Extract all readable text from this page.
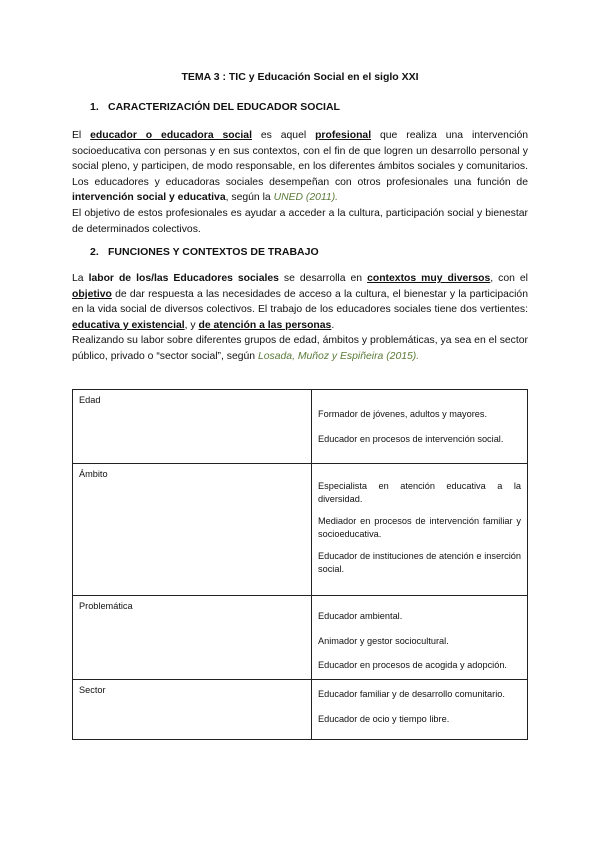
TEMA 3 : TIC y Educación Social en el siglo XXI
1. CARACTERIZACIÓN DEL EDUCADOR SOCIAL

El educador o educadora social es aquel profesional que realiza una intervención socioeducativa con personas y en sus contextos, con el fin de que logren un desarrollo personal y social pleno, y participen, de modo responsable, en los diferentes ámbitos sociales y comunitarios. Los educadores y educadoras sociales desempeñan con otros profesionales una función de intervención social y educativa, según la UNED (2011).
El objetivo de estos profesionales es ayudar a acceder a la cultura, participación social y bienestar de determinados colectivos.

2. FUNCIONES Y CONTEXTOS DE TRABAJO

La labor de los/las Educadores sociales se desarrolla en contextos muy diversos, con el objetivo de dar respuesta a las necesidades de acceso a la cultura, el bienestar y la participación en la vida social de diversos colectivos. El trabajo de los educadores sociales tiene dos vertientes: educativa y existencial, y de atención a las personas.
Realizando su labor sobre diferentes grupos de edad, ámbitos y problemáticas, ya sea en el sector público, privado o “sector social”, según Losada, Muñoz y Espiñeira (2015).

Edad	Formador de jóvenes, adultos y mayores.
Educador en procesos de intervención social.

Ámbito	Especialista en atención educativa a la diversidad.
Mediador en procesos de intervención familiar y socioeducativa.
Educador de instituciones de atención e inserción social.

Problemática	Educador ambiental.
Animador y gestor sociocultural.
Educador en procesos de acogida y adopción.

Sector	Educador familiar y de desarrollo comunitario.
Educador de ocio y tiempo libre.
